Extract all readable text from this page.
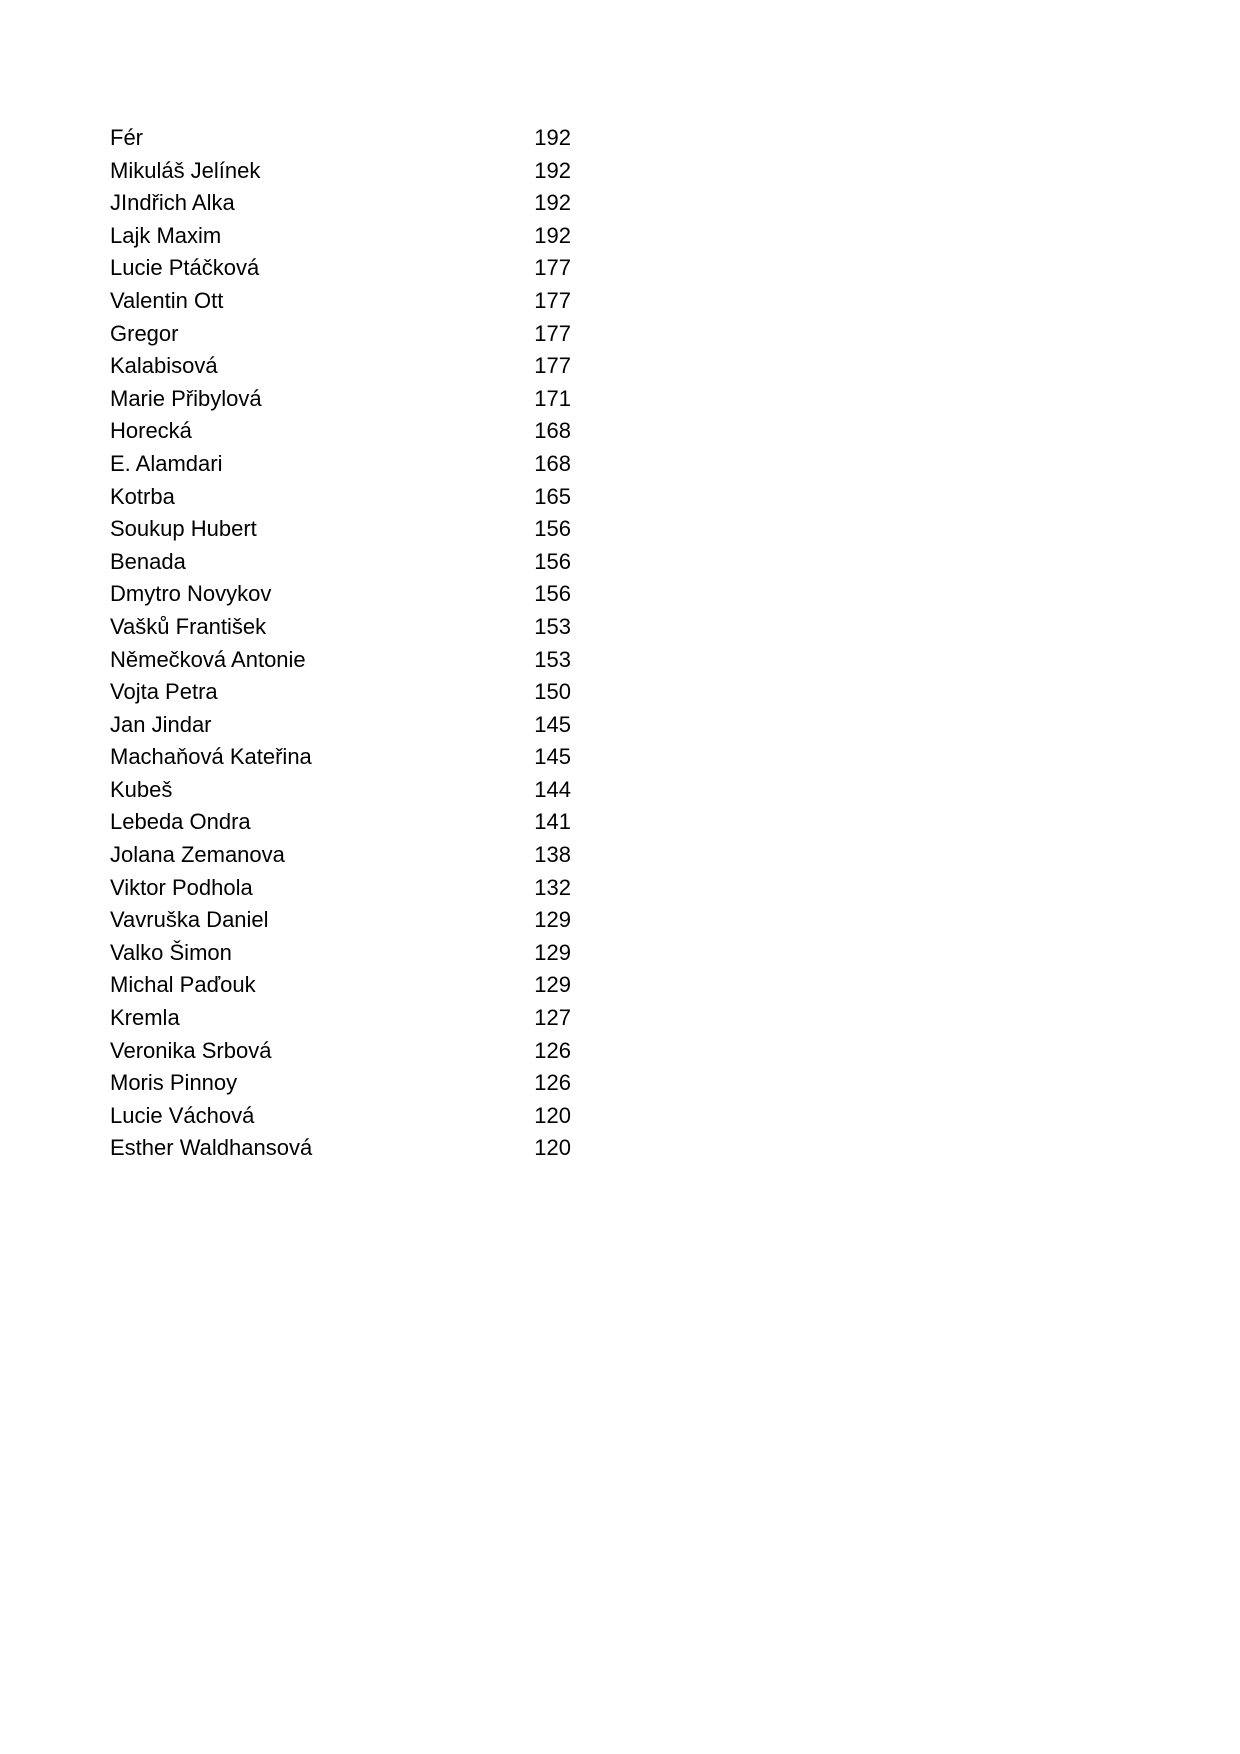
Fér	192
Mikuláš Jelínek	192
JIndřich Alka	192
Lajk Maxim	192
Lucie Ptáčková	177
Valentin Ott	177
Gregor	177
Kalabisová	177
Marie Přibylová	171
Horecká	168
E. Alamdari	168
Kotrba	165
Soukup Hubert	156
Benada	156
Dmytro Novykov	156
Vašků František	153
Němečková Antonie	153
Vojta Petra	150
Jan Jindar	145
Machaňová Kateřina	145
Kubeš	144
Lebeda Ondra	141
Jolana Zemanova	138
Viktor Podhola	132
Vavruška Daniel	129
Valko Šimon	129
Michal Paďouk	129
Kremla	127
Veronika Srbová	126
Moris Pinnoy	126
Lucie Váchová	120
Esther Waldhansová	120
